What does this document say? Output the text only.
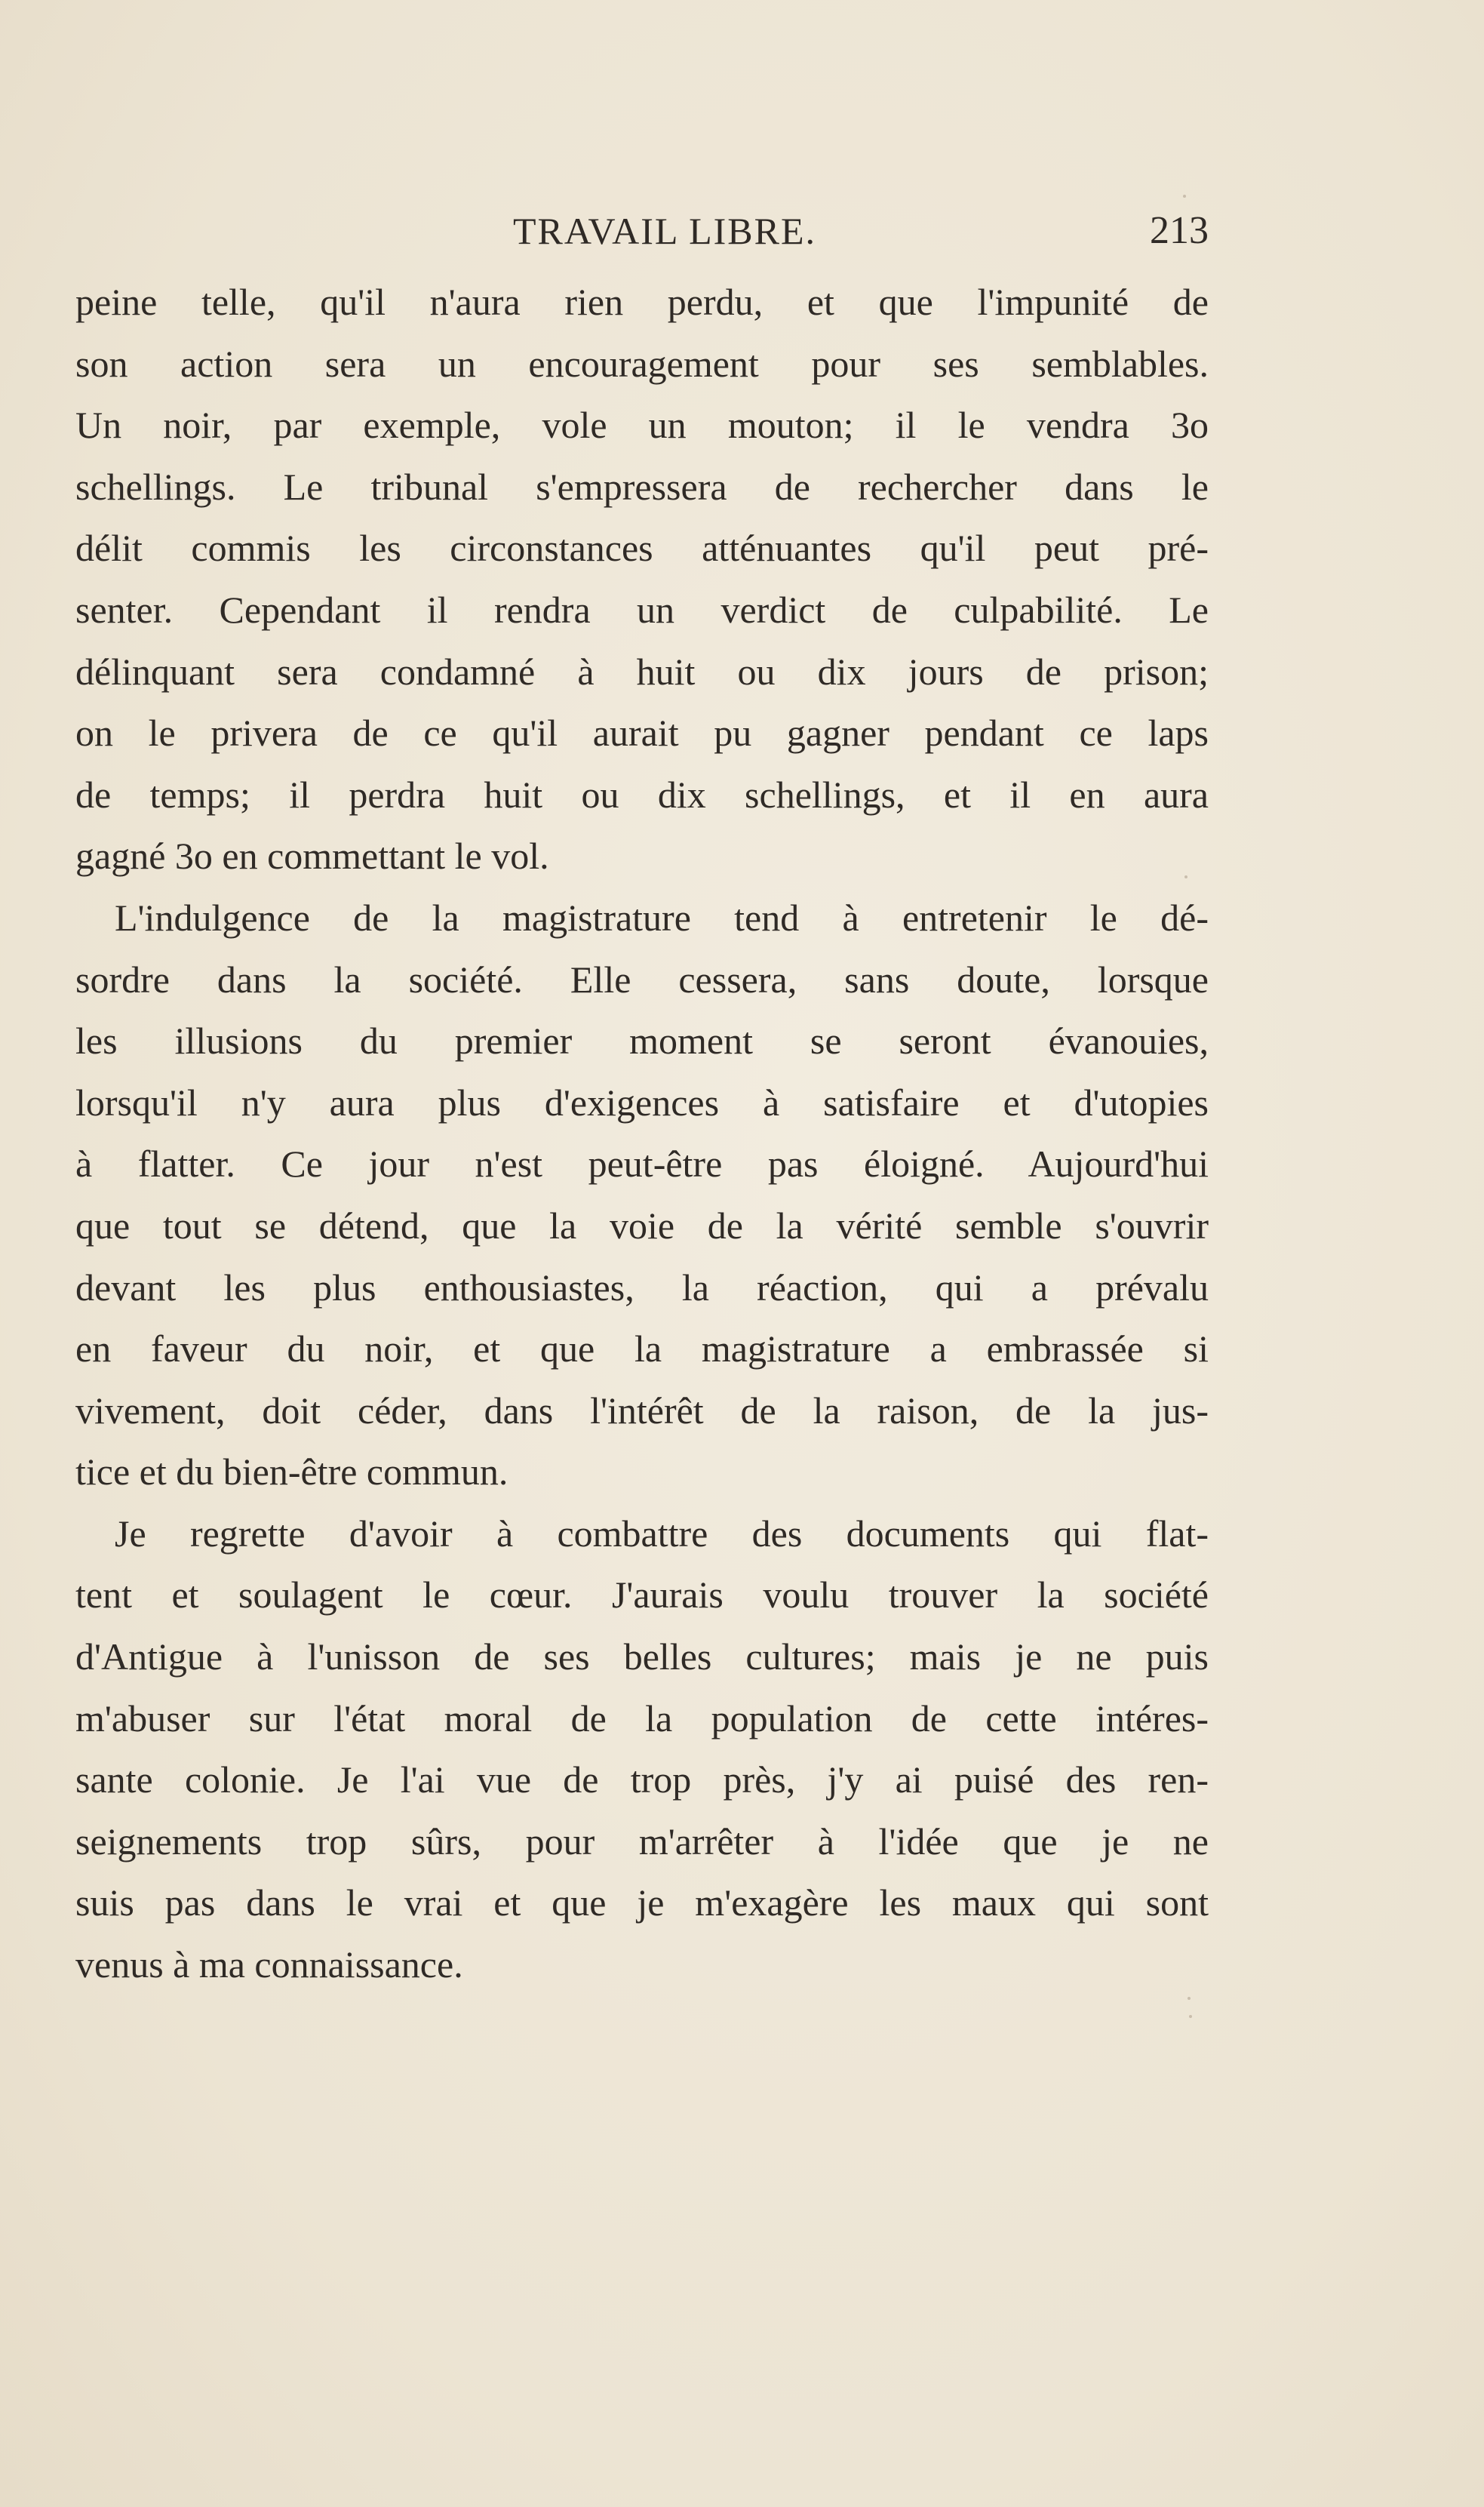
TRAVAIL LIBRE.	213

peine telle, qu'il n'aura rien perdu, et que l'impunité de
son action sera un encouragement pour ses semblables.
Un noir, par exemple, vole un mouton; il le vendra 3o
schellings. Le tribunal s'empressera de rechercher dans le
délit commis les circonstances atténuantes qu'il peut pré-
senter. Cependant il rendra un verdict de culpabilité. Le
délinquant sera condamné à huit ou dix jours de prison;
on le privera de ce qu'il aurait pu gagner pendant ce laps
de temps; il perdra huit ou dix schellings, et il en aura
gagné 3o en commettant le vol.

L'indulgence de la magistrature tend à entretenir le dé-
sordre dans la société. Elle cessera, sans doute, lorsque
les illusions du premier moment se seront évanouies,
lorsqu'il n'y aura plus d'exigences à satisfaire et d'utopies
à flatter. Ce jour n'est peut-être pas éloigné. Aujourd'hui
que tout se détend, que la voie de la vérité semble s'ouvrir
devant les plus enthousiastes, la réaction, qui a prévalu
en faveur du noir, et que la magistrature a embrassée si
vivement, doit céder, dans l'intérêt de la raison, de la jus-
tice et du bien-être commun.

Je regrette d'avoir à combattre des documents qui flat-
tent et soulagent le cœur. J'aurais voulu trouver la société
d'Antigue à l'unisson de ses belles cultures; mais je ne puis
m'abuser sur l'état moral de la population de cette intéres-
sante colonie. Je l'ai vue de trop près, j'y ai puisé des ren-
seignements trop sûrs, pour m'arrêter à l'idée que je ne
suis pas dans le vrai et que je m'exagère les maux qui sont
venus à ma connaissance.
